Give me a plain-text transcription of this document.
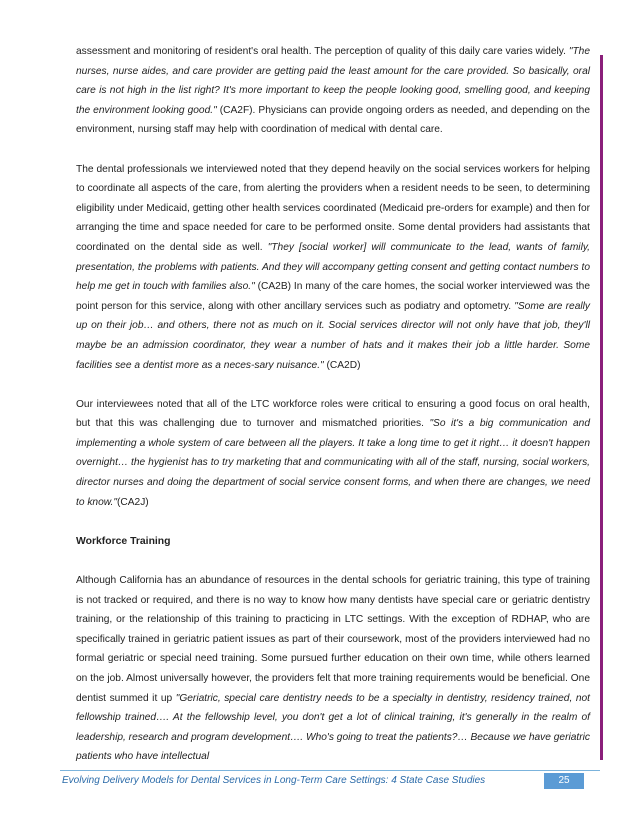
assessment and monitoring of resident's oral health. The perception of quality of this daily care varies widely. "The nurses, nurse aides, and care provider are getting paid the least amount for the care provided. So basically, oral care is not high in the list right? It's more important to keep the people looking good, smelling good, and keeping the environment looking good." (CA2F). Physicians can provide ongoing orders as needed, and depending on the environment, nursing staff may help with coordination of medical with dental care.

The dental professionals we interviewed noted that they depend heavily on the social services workers for helping to coordinate all aspects of the care, from alerting the providers when a resident needs to be seen, to determining eligibility under Medicaid, getting other health services coordinated (Medicaid pre-orders for example) and then for arranging the time and space needed for care to be performed onsite. Some dental providers had assistants that coordinated on the dental side as well. "They [social worker] will communicate to the lead, wants of family, presentation, the problems with patients. And they will accompany getting consent and getting contact numbers to help me get in touch with families also." (CA2B) In many of the care homes, the social worker interviewed was the point person for this service, along with other ancillary services such as podiatry and optometry. "Some are really up on their job… and others, there not as much on it. Social services director will not only have that job, they'll maybe be an admission coordinator, they wear a number of hats and it makes their job a little harder. Some facilities see a dentist more as a neces-sary nuisance." (CA2D)

Our interviewees noted that all of the LTC workforce roles were critical to ensuring a good focus on oral health, but that this was challenging due to turnover and mismatched priorities. "So it's a big communication and implementing a whole system of care between all the players. It take a long time to get it right… it doesn't happen overnight… the hygienist has to try marketing that and communicating with all of the staff, nursing, social workers, director nurses and doing the department of social service consent forms, and when there are changes, we need to know."(CA2J)

Workforce Training

Although California has an abundance of resources in the dental schools for geriatric training, this type of training is not tracked or required, and there is no way to know how many dentists have special care or geriatric dentistry training, or the relationship of this training to practicing in LTC settings. With the exception of RDHAP, who are specifically trained in geriatric patient issues as part of their coursework, most of the providers interviewed had no formal geriatric or special need training. Some pursued further education on their own time, while others learned on the job. Almost universally however, the providers felt that more training requirements would be beneficial. One dentist summed it up "Geriatric, special care dentistry needs to be a specialty in dentistry, residency trained, not fellowship trained…. At the fellowship level, you don't get a lot of clinical training, it's generally in the realm of leadership, research and program development…. Who's going to treat the patients?… Because we have geriatric patients who have intellectual

Evolving Delivery Models for Dental Services in Long-Term Care Settings: 4 State Case Studies	25
